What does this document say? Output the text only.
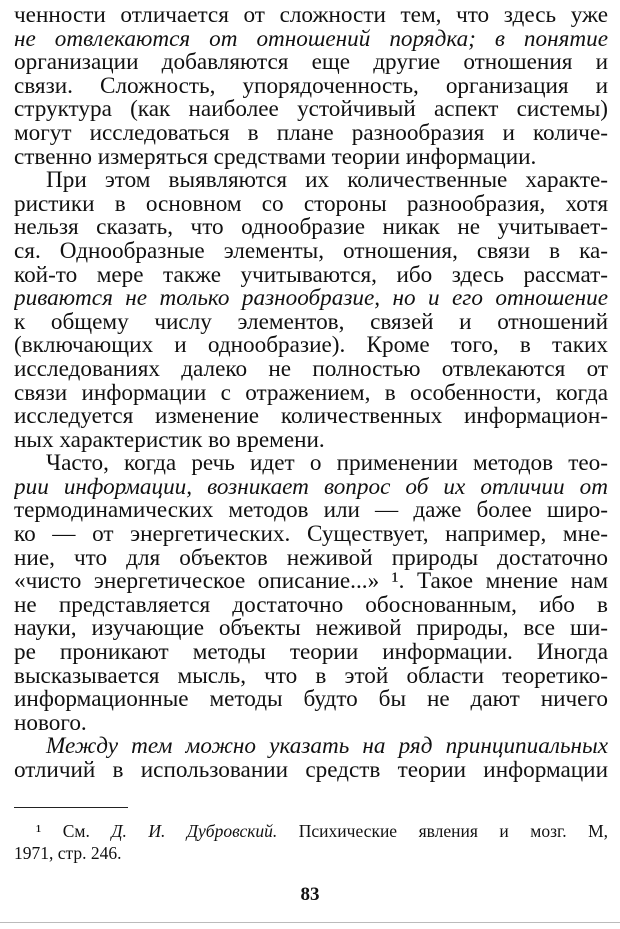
ченности отличается от сложности тем, что здесь уже
не отвлекаются от отношений порядка; в понятие
организации добавляются еще другие отношения и
связи. Сложность, упорядоченность, организация и
структура (как наиболее устойчивый аспект системы)
могут исследоваться в плане разнообразия и количе-
ственно измеряться средствами теории информации.
При этом выявляются их количественные характе-
ристики в основном со стороны разнообразия, хотя
нельзя сказать, что однообразие никак не учитывает-
ся. Однообразные элементы, отношения, связи в ка-
кой-то мере также учитываются, ибо здесь рассмат-
риваются не только разнообразие, но и его отношение
к общему числу элементов, связей и отношений
(включающих и однообразие). Кроме того, в таких
исследованиях далеко не полностью отвлекаются от
связи информации с отражением, в особенности, когда
исследуется изменение количественных информацион-
ных характеристик во времени.
Часто, когда речь идет о применении методов тео-
рии информации, возникает вопрос об их отличии от
термодинамических методов или — даже более широ-
ко — от энергетических. Существует, например, мне-
ние, что для объектов неживой природы достаточно
«чисто энергетическое описание...» ¹. Такое мнение нам
не представляется достаточно обоснованным, ибо в
науки, изучающие объекты неживой природы, все ши-
ре проникают методы теории информации. Иногда
высказывается мысль, что в этой области теоретико-
информационные методы будто бы не дают ничего
нового.
Между тем можно указать на ряд принципиальных
отличий в использовании средств теории информации
¹ См. Д. И. Дубровский. Психические явления и мозг. М,
1971, стр. 246.
83
